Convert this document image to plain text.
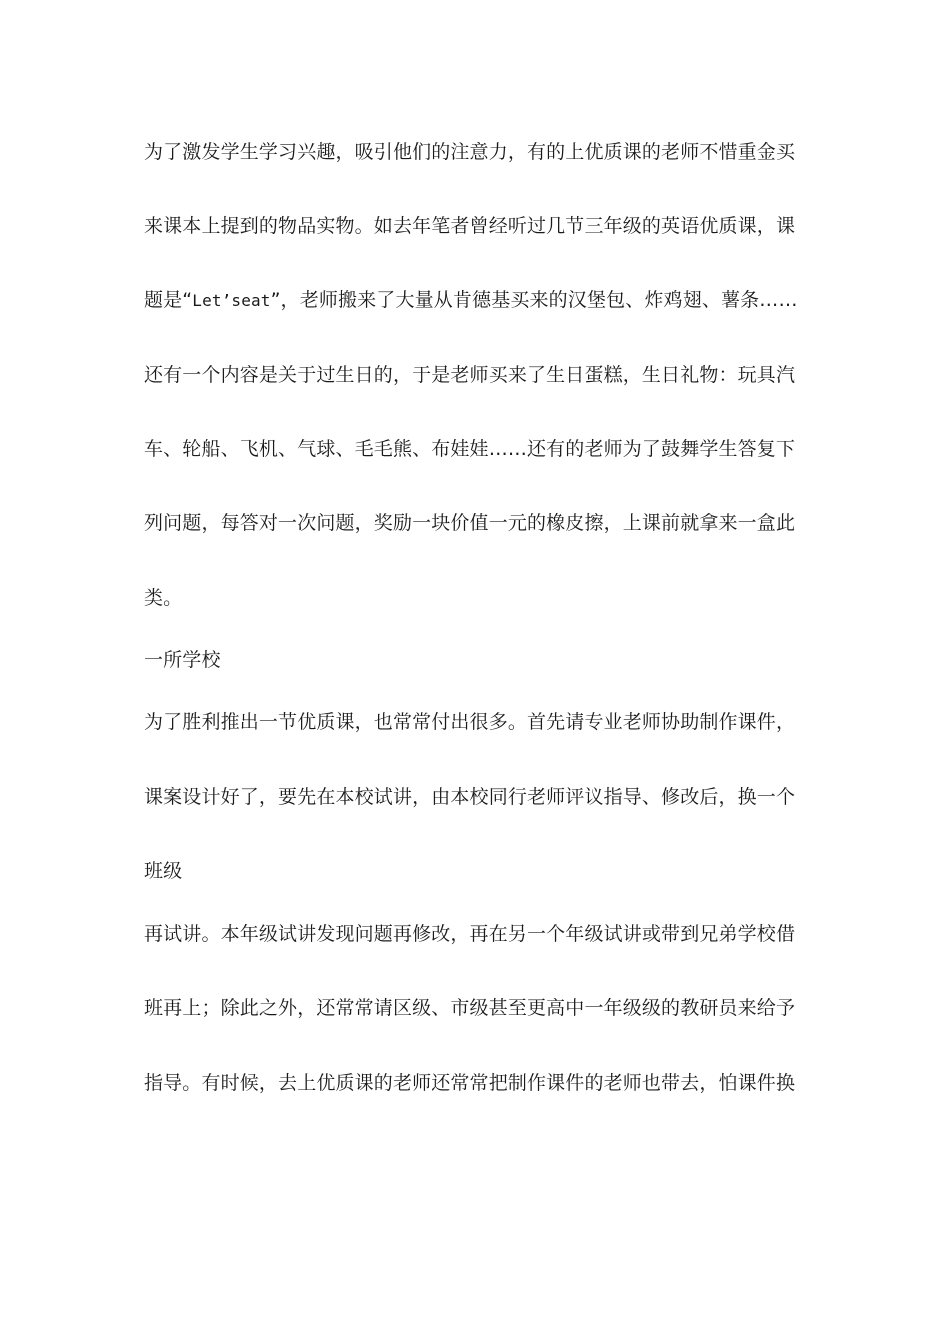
为了激发学生学习兴趣，吸引他们的注意力，有的上优质课的老师不惜重金买
来课本上提到的物品实物。如去年笔者曾经听过几节三年级的英语优质课，课
题是“Let’seat”，老师搬来了大量从肯德基买来的汉堡包、炸鸡翅、薯条……
还有一个内容是关于过生日的，于是老师买来了生日蛋糕，生日礼物：玩具汽
车、轮船、飞机、气球、毛毛熊、布娃娃……还有的老师为了鼓舞学生答复下
列问题，每答对一次问题，奖励一块价值一元的橡皮擦，上课前就拿来一盒此
类。
一所学校
为了胜利推出一节优质课，也常常付出很多。首先请专业老师协助制作课件，
课案设计好了，要先在本校试讲，由本校同行老师评议指导、修改后，换一个
班级
再试讲。本年级试讲发现问题再修改，再在另一个年级试讲或带到兄弟学校借
班再上；除此之外，还常常请区级、市级甚至更高中一年级级的教研员来给予
指导。有时候，去上优质课的老师还常常把制作课件的老师也带去，怕课件换
